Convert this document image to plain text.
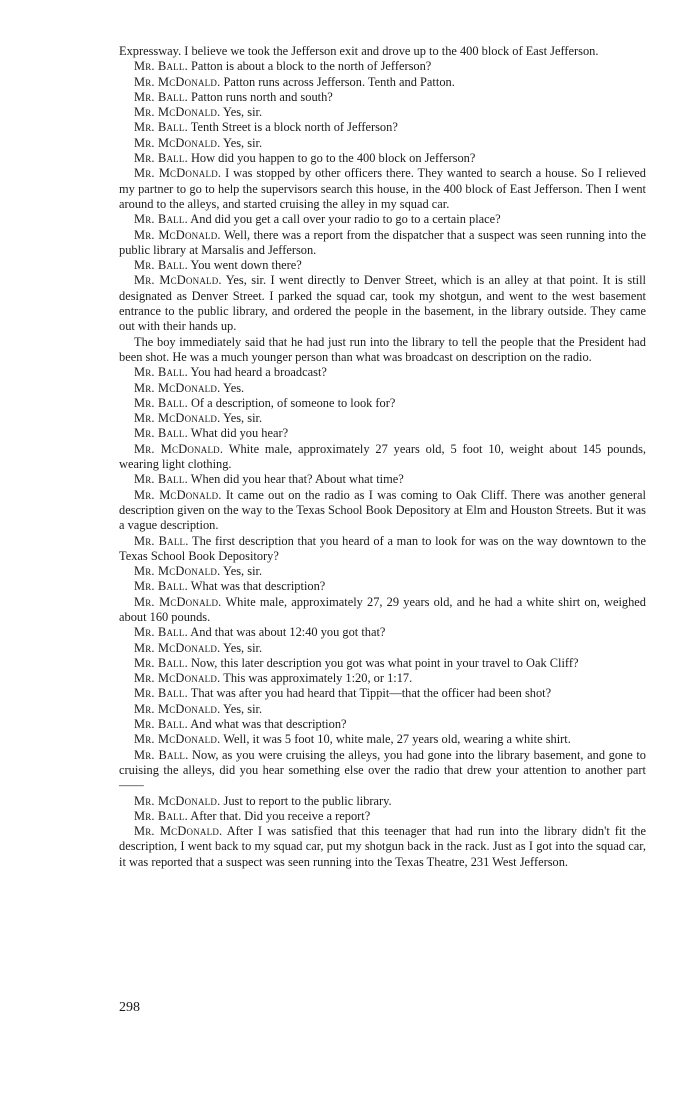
Expressway. I believe we took the Jefferson exit and drove up to the 400 block of East Jefferson.

Mr. Ball. Patton is about a block to the north of Jefferson?

Mr. McDonald. Patton runs across Jefferson. Tenth and Patton.

Mr. Ball. Patton runs north and south?

Mr. McDonald. Yes, sir.

Mr. Ball. Tenth Street is a block north of Jefferson?

Mr. McDonald. Yes, sir.

Mr. Ball. How did you happen to go to the 400 block on Jefferson?

Mr. McDonald. I was stopped by other officers there. They wanted to search a house. So I relieved my partner to go to help the supervisors search this house, in the 400 block of East Jefferson. Then I went around to the alleys, and started cruising the alley in my squad car.

Mr. Ball. And did you get a call over your radio to go to a certain place?

Mr. McDonald. Well, there was a report from the dispatcher that a suspect was seen running into the public library at Marsalis and Jefferson.

Mr. Ball. You went down there?

Mr. McDonald. Yes, sir. I went directly to Denver Street, which is an alley at that point. It is still designated as Denver Street. I parked the squad car, took my shotgun, and went to the west basement entrance to the public library, and ordered the people in the basement, in the library outside. They came out with their hands up.

The boy immediately said that he had just run into the library to tell the people that the President had been shot. He was a much younger person than what was broadcast on description on the radio.

Mr. Ball. You had heard a broadcast?

Mr. McDonald. Yes.

Mr. Ball. Of a description, of someone to look for?

Mr. McDonald. Yes, sir.

Mr. Ball. What did you hear?

Mr. McDonald. White male, approximately 27 years old, 5 foot 10, weight about 145 pounds, wearing light clothing.

Mr. Ball. When did you hear that? About what time?

Mr. McDonald. It came out on the radio as I was coming to Oak Cliff. There was another general description given on the way to the Texas School Book Depository at Elm and Houston Streets. But it was a vague description.

Mr. Ball. The first description that you heard of a man to look for was on the way downtown to the Texas School Book Depository?

Mr. McDonald. Yes, sir.

Mr. Ball. What was that description?

Mr. McDonald. White male, approximately 27, 29 years old, and he had a white shirt on, weighed about 160 pounds.

Mr. Ball. And that was about 12:40 you got that?

Mr. McDonald. Yes, sir.

Mr. Ball. Now, this later description you got was what point in your travel to Oak Cliff?

Mr. McDonald. This was approximately 1:20, or 1:17.

Mr. Ball. That was after you had heard that Tippit—that the officer had been shot?

Mr. McDonald. Yes, sir.

Mr. Ball. And what was that description?

Mr. McDonald. Well, it was 5 foot 10, white male, 27 years old, wearing a white shirt.

Mr. Ball. Now, as you were cruising the alleys, you had gone into the library basement, and gone to cruising the alleys, did you hear something else over the radio that drew your attention to another part——

Mr. McDonald. Just to report to the public library.

Mr. Ball. After that. Did you receive a report?

Mr. McDonald. After I was satisfied that this teenager that had run into the library didn't fit the description, I went back to my squad car, put my shotgun back in the rack. Just as I got into the squad car, it was reported that a suspect was seen running into the Texas Theatre, 231 West Jefferson.

298
